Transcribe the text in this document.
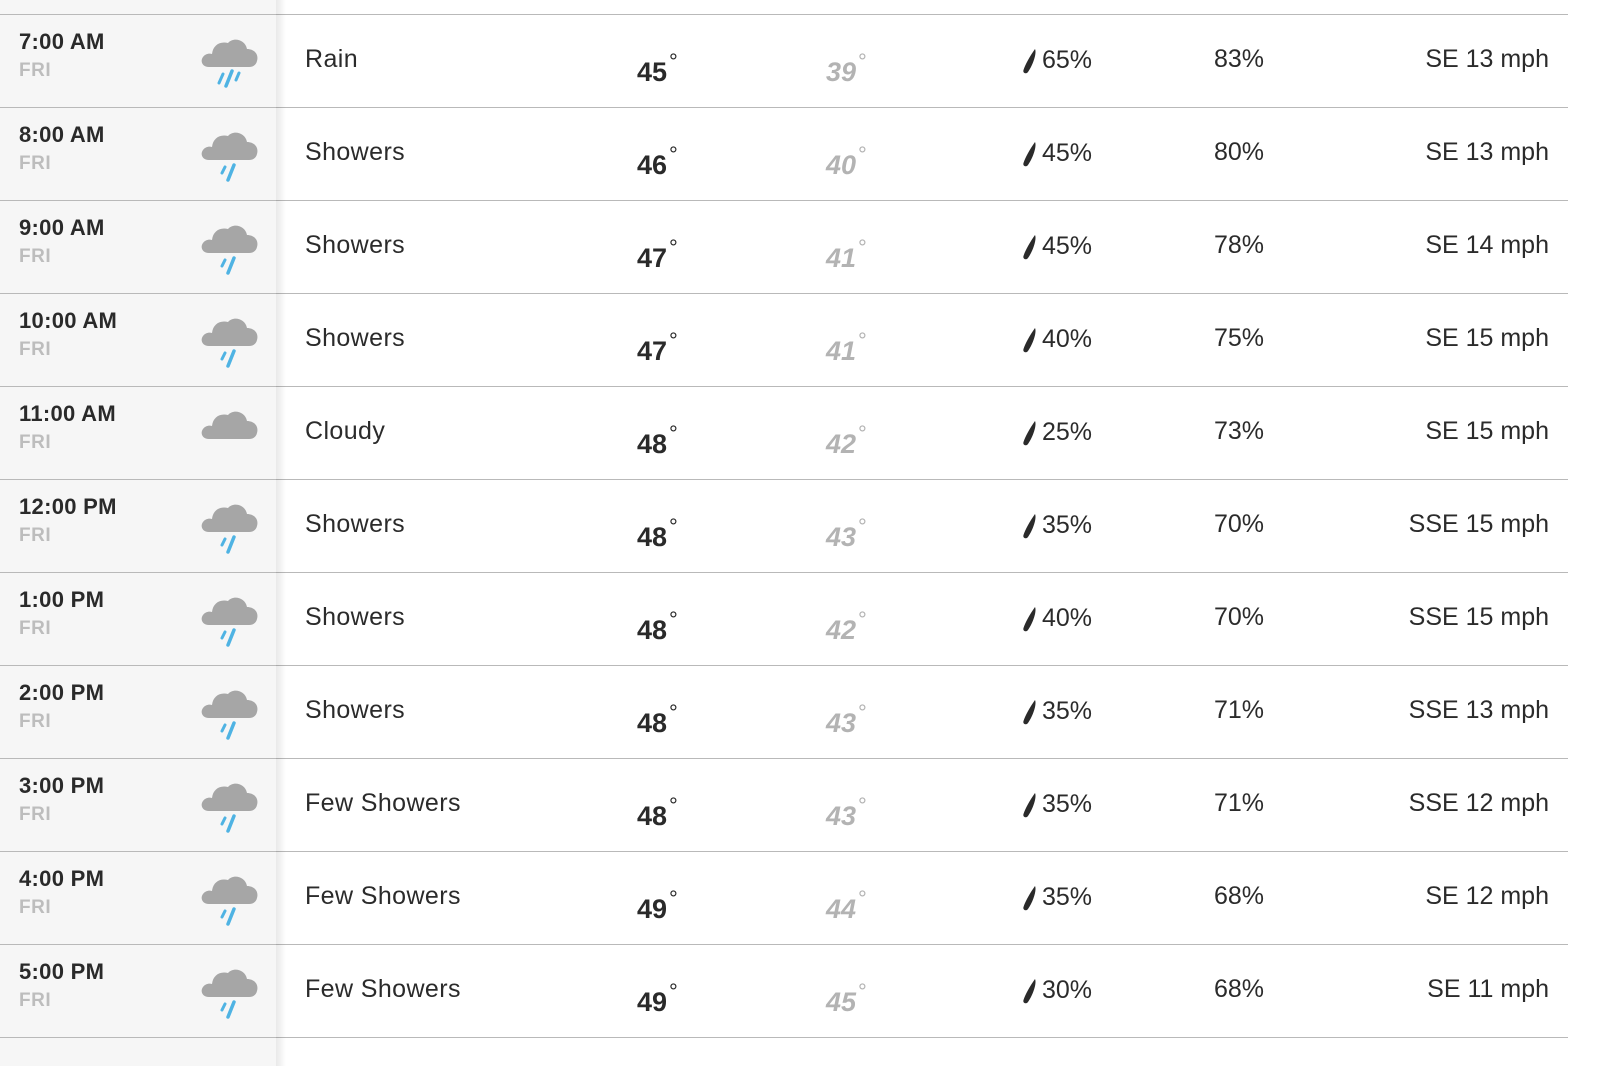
7:00 AM
FRI	Rain	45°	39°	65%	83%	SE 13 mph
8:00 AM
FRI	Showers	46°	40°	45%	80%	SE 13 mph
9:00 AM
FRI	Showers	47°	41°	45%	78%	SE 14 mph
10:00 AM
FRI	Showers	47°	41°	40%	75%	SE 15 mph
11:00 AM
FRI	Cloudy	48°	42°	25%	73%	SE 15 mph
12:00 PM
FRI	Showers	48°	43°	35%	70%	SSE 15 mph
1:00 PM
FRI	Showers	48°	42°	40%	70%	SSE 15 mph
2:00 PM
FRI	Showers	48°	43°	35%	71%	SSE 13 mph
3:00 PM
FRI	Few Showers	48°	43°	35%	71%	SSE 12 mph
4:00 PM
FRI	Few Showers	49°	44°	35%	68%	SE 12 mph
5:00 PM
FRI	Few Showers	49°	45°	30%	68%	SE 11 mph
